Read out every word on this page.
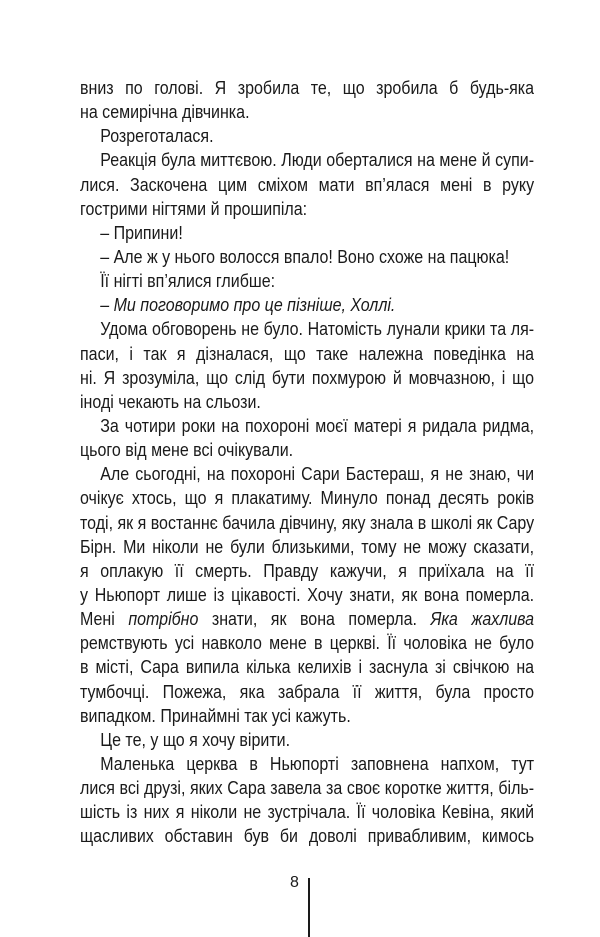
вниз по голові. Я зробила те, що зробила б будь-яка
на семирічна дівчинка.
Розреготалася.
Реакція була миттєвою. Люди оберталися на мене й супи-
лися. Заскочена цим сміхом мати вп’ялася мені в руку
гострими нігтями й прошипіла:
– Припини!
– Але ж у нього волосся впало! Воно схоже на пацюка!
Її нігті вп’ялися глибше:
– Ми поговоримо про це пізніше, Холлі.
Удома обговорень не було. Натомість лунали крики та ля-
паси, і так я дізналася, що таке належна поведінка на
ні. Я зрозуміла, що слід бути похмурою й мовчазною, і що
іноді чекають на сльози.
За чотири роки на похороні моєї матері я ридала ридма,
цього від мене всі очікували.
Але сьогодні, на похороні Сари Бастераш, я не знаю, чи
очікує хтось, що я плакатиму. Минуло понад десять років
тоді, як я востаннє бачила дівчину, яку знала в школі як Сару
Бірн. Ми ніколи не були близькими, тому не можу сказати,
я оплакую її смерть. Правду кажучи, я приїхала на її
у Ньюпорт лише із цікавості. Хочу знати, як вона померла.
Мені потрібно знати, як вона померла. Яка жахлива
ремствують усі навколо мене в церкві. Її чоловіка не було
в місті, Сара випила кілька келихів і заснула зі свічкою на
тумбочці. Пожежа, яка забрала її життя, була просто
випадком. Принаймні так усі кажуть.
Це те, у що я хочу вірити.
Маленька церква в Ньюпорті заповнена напхом, тут
лися всі друзі, яких Сара завела за своє коротке життя, біль-
шість із них я ніколи не зустрічала. Її чоловіка Кевіна, який
щасливих обставин був би доволі привабливим, кимось
8
